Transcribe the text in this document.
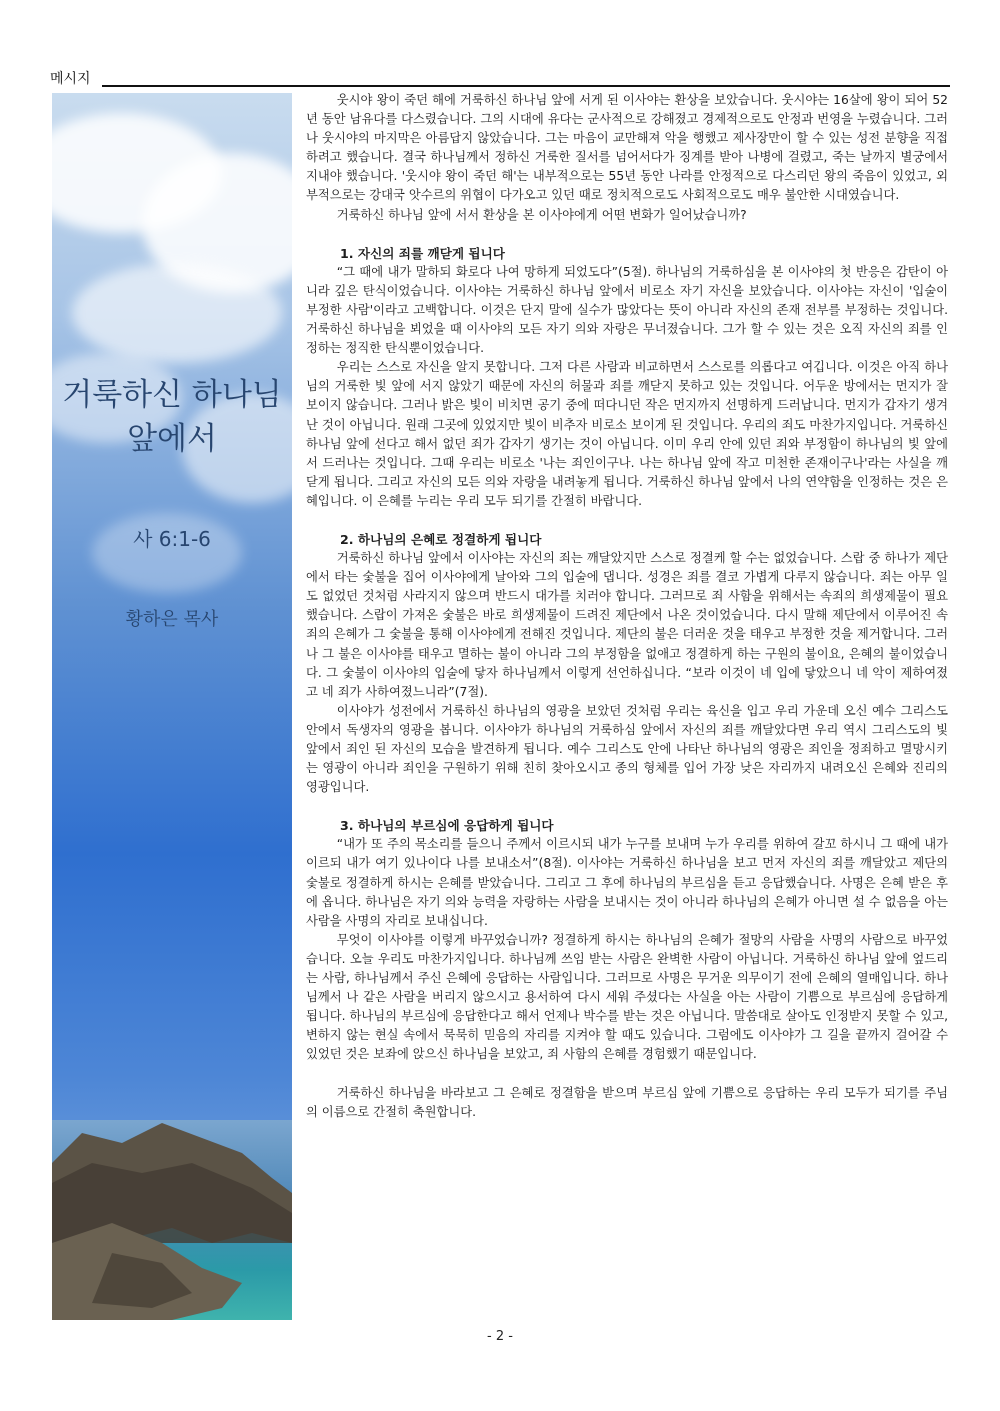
메시지
거룩하신 하나님
앞에서
사 6:1-6
황하은 목사

웃시야 왕이 죽던 해에 거룩하신 하나님 앞에 서게 된 이사야는 환상을 보았습니다. 웃시야는 16살에 왕이 되어 52년 동안 남유다를 다스렸습니다. 그의 시대에 유다는 군사적으로 강해졌고 경제적으로도 안정과 번영을 누렸습니다. 그러나 웃시야의 마지막은 아름답지 않았습니다. 그는 마음이 교만해져 악을 행했고 제사장만이 할 수 있는 성전 분향을 직접 하려고 했습니다. 결국 하나님께서 정하신 거룩한 질서를 넘어서다가 징계를 받아 나병에 걸렸고, 죽는 날까지 별궁에서 지내야 했습니다. '웃시야 왕이 죽던 해'는 내부적으로는 55년 동안 나라를 안정적으로 다스리던 왕의 죽음이 있었고, 외부적으로는 강대국 앗수르의 위협이 다가오고 있던 때로 정치적으로도 사회적으로도 매우 불안한 시대였습니다.

거룩하신 하나님 앞에 서서 환상을 본 이사야에게 어떤 변화가 일어났습니까?

1. 자신의 죄를 깨닫게 됩니다

“그 때에 내가 말하되 화로다 나여 망하게 되었도다”(5절). 하나님의 거룩하심을 본 이사야의 첫 반응은 감탄이 아니라 깊은 탄식이었습니다. 이사야는 거룩하신 하나님 앞에서 비로소 자기 자신을 보았습니다. 이사야는 자신이 '입술이 부정한 사람'이라고 고백합니다. 이것은 단지 말에 실수가 많았다는 뜻이 아니라 자신의 존재 전부를 부정하는 것입니다. 거룩하신 하나님을 뵈었을 때 이사야의 모든 자기 의와 자랑은 무너졌습니다. 그가 할 수 있는 것은 오직 자신의 죄를 인정하는 정직한 탄식뿐이었습니다.

우리는 스스로 자신을 알지 못합니다. 그저 다른 사람과 비교하면서 스스로를 의롭다고 여깁니다. 이것은 아직 하나님의 거룩한 빛 앞에 서지 않았기 때문에 자신의 허물과 죄를 깨닫지 못하고 있는 것입니다. 어두운 방에서는 먼지가 잘 보이지 않습니다. 그러나 밝은 빛이 비치면 공기 중에 떠다니던 작은 먼지까지 선명하게 드러납니다. 먼지가 갑자기 생겨난 것이 아닙니다. 원래 그곳에 있었지만 빛이 비추자 비로소 보이게 된 것입니다. 우리의 죄도 마찬가지입니다. 거룩하신 하나님 앞에 선다고 해서 없던 죄가 갑자기 생기는 것이 아닙니다. 이미 우리 안에 있던 죄와 부정함이 하나님의 빛 앞에서 드러나는 것입니다. 그때 우리는 비로소 '나는 죄인이구나. 나는 하나님 앞에 작고 미천한 존재이구나'라는 사실을 깨닫게 됩니다. 그리고 자신의 모든 의와 자랑을 내려놓게 됩니다. 거룩하신 하나님 앞에서 나의 연약함을 인정하는 것은 은혜입니다. 이 은혜를 누리는 우리 모두 되기를 간절히 바랍니다.

2. 하나님의 은혜로 정결하게 됩니다

거룩하신 하나님 앞에서 이사야는 자신의 죄는 깨달았지만 스스로 정결케 할 수는 없었습니다. 스랍 중 하나가 제단에서 타는 숯불을 집어 이사야에게 날아와 그의 입술에 댑니다. 성경은 죄를 결코 가볍게 다루지 않습니다. 죄는 아무 일도 없었던 것처럼 사라지지 않으며 반드시 대가를 치러야 합니다. 그러므로 죄 사함을 위해서는 속죄의 희생제물이 필요했습니다. 스랍이 가져온 숯불은 바로 희생제물이 드려진 제단에서 나온 것이었습니다. 다시 말해 제단에서 이루어진 속죄의 은혜가 그 숯불을 통해 이사야에게 전해진 것입니다. 제단의 불은 더러운 것을 태우고 부정한 것을 제거합니다. 그러나 그 불은 이사야를 태우고 멸하는 불이 아니라 그의 부정함을 없애고 정결하게 하는 구원의 불이요, 은혜의 불이었습니다. 그 숯불이 이사야의 입술에 닿자 하나님께서 이렇게 선언하십니다. “보라 이것이 네 입에 닿았으니 네 악이 제하여졌고 네 죄가 사하여졌느니라”(7절).

이사야가 성전에서 거룩하신 하나님의 영광을 보았던 것처럼 우리는 육신을 입고 우리 가운데 오신 예수 그리스도 안에서 독생자의 영광을 봅니다. 이사야가 하나님의 거룩하심 앞에서 자신의 죄를 깨달았다면 우리 역시 그리스도의 빛 앞에서 죄인 된 자신의 모습을 발견하게 됩니다. 예수 그리스도 안에 나타난 하나님의 영광은 죄인을 정죄하고 멸망시키는 영광이 아니라 죄인을 구원하기 위해 친히 찾아오시고 종의 형체를 입어 가장 낮은 자리까지 내려오신 은혜와 진리의 영광입니다.

3. 하나님의 부르심에 응답하게 됩니다

“내가 또 주의 목소리를 들으니 주께서 이르시되 내가 누구를 보내며 누가 우리를 위하여 갈꼬 하시니 그 때에 내가 이르되 내가 여기 있나이다 나를 보내소서”(8절). 이사야는 거룩하신 하나님을 보고 먼저 자신의 죄를 깨달았고 제단의 숯불로 정결하게 하시는 은혜를 받았습니다. 그리고 그 후에 하나님의 부르심을 듣고 응답했습니다. 사명은 은혜 받은 후에 옵니다. 하나님은 자기 의와 능력을 자랑하는 사람을 보내시는 것이 아니라 하나님의 은혜가 아니면 설 수 없음을 아는 사람을 사명의 자리로 보내십니다.

무엇이 이사야를 이렇게 바꾸었습니까? 정결하게 하시는 하나님의 은혜가 절망의 사람을 사명의 사람으로 바꾸었습니다. 오늘 우리도 마찬가지입니다. 하나님께 쓰임 받는 사람은 완벽한 사람이 아닙니다. 거룩하신 하나님 앞에 엎드리는 사람, 하나님께서 주신 은혜에 응답하는 사람입니다. 그러므로 사명은 무거운 의무이기 전에 은혜의 열매입니다. 하나님께서 나 같은 사람을 버리지 않으시고 용서하여 다시 세워 주셨다는 사실을 아는 사람이 기쁨으로 부르심에 응답하게 됩니다. 하나님의 부르심에 응답한다고 해서 언제나 박수를 받는 것은 아닙니다. 말씀대로 살아도 인정받지 못할 수 있고, 변하지 않는 현실 속에서 묵묵히 믿음의 자리를 지켜야 할 때도 있습니다. 그럼에도 이사야가 그 길을 끝까지 걸어갈 수 있었던 것은 보좌에 앉으신 하나님을 보았고, 죄 사함의 은혜를 경험했기 때문입니다.

거룩하신 하나님을 바라보고 그 은혜로 정결함을 받으며 부르심 앞에 기쁨으로 응답하는 우리 모두가 되기를 주님의 이름으로 간절히 축원합니다.

- 2 -
